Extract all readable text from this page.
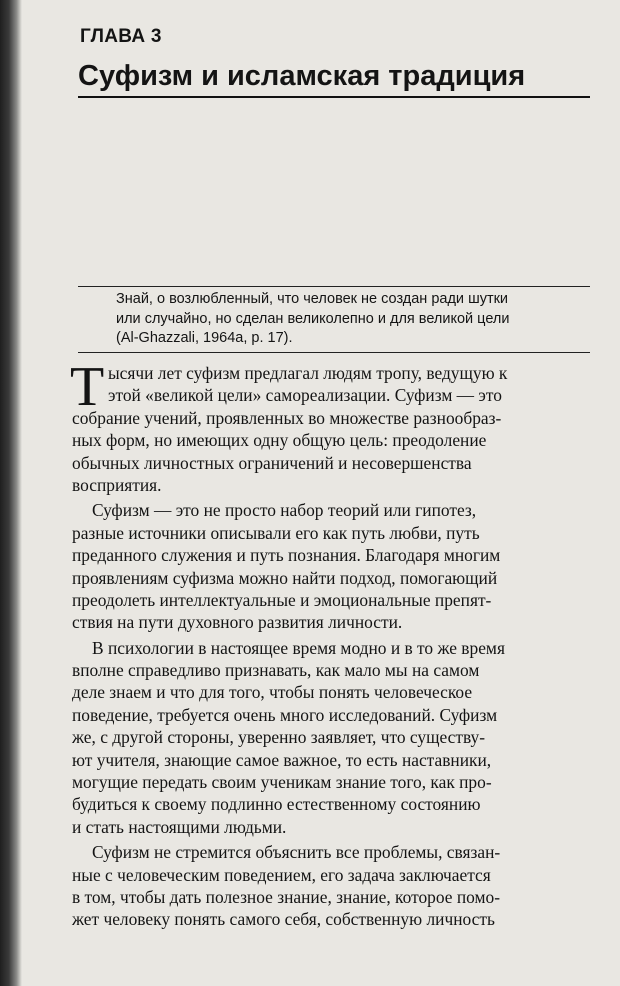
ГЛАВА 3
Суфизм и исламская традиция
Знай, о возлюбленный, что человек не создан ради шутки
или случайно, но сделан великолепно и для великой цели
(Al-Ghazzali, 1964a, p. 17).
Т ысячи лет суфизм предлагал людям тропу, ведущую к
этой «великой цели» самореализации. Суфизм — это
собрание учений, проявленных во множестве разнообраз-
ных форм, но имеющих одну общую цель: преодоление
обычных личностных ограничений и несовершенства
восприятия.
Суфизм — это не просто набор теорий или гипотез,
разные источники описывали его как путь любви, путь
преданного служения и путь познания. Благодаря многим
проявлениям суфизма можно найти подход, помогающий
преодолеть интеллектуальные и эмоциональные препят-
ствия на пути духовного развития личности.
В психологии в настоящее время модно и в то же время
вполне справедливо признавать, как мало мы на самом
деле знаем и что для того, чтобы понять человеческое
поведение, требуется очень много исследований. Суфизм
же, с другой стороны, уверенно заявляет, что существу-
ют учителя, знающие самое важное, то есть наставники,
могущие передать своим ученикам знание того, как про-
будиться к своему подлинно естественному состоянию
и стать настоящими людьми.
Суфизм не стремится объяснить все проблемы, связан-
ные с человеческим поведением, его задача заключается
в том, чтобы дать полезное знание, знание, которое помо-
жет человеку понять самого себя, собственную личность
